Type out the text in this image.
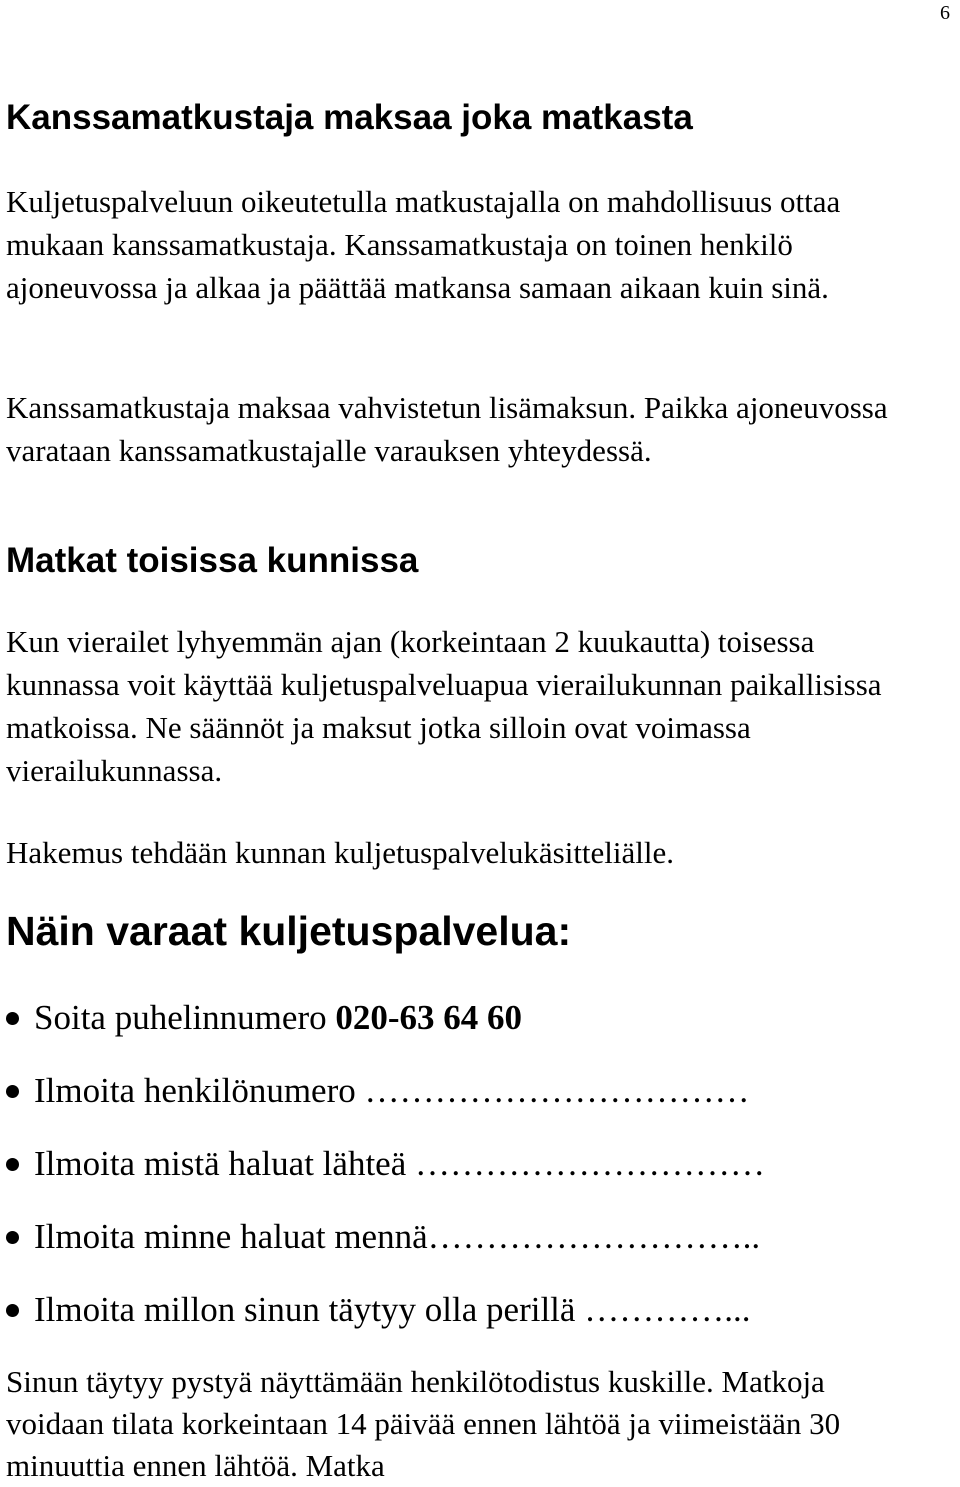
6
Kanssamatkustaja maksaa joka matkasta

Kuljetuspalveluun oikeutetulla matkustajalla on mahdollisuus ottaa mukaan kanssamatkustaja. Kanssamatkustaja on toinen henkilö ajoneuvossa ja alkaa ja päättää matkansa samaan aikaan kuin sinä.

Kanssamatkustaja maksaa vahvistetun lisämaksun. Paikka ajoneuvossa varataan kanssamatkustajalle varauksen yhteydessä.

Matkat toisissa kunnissa

Kun vierailet lyhyemmän ajan (korkeintaan 2 kuukautta) toisessa kunnassa voit käyttää kuljetuspalveluapua vierailukunnan paikallisissa matkoissa. Ne säännöt ja maksut jotka silloin ovat voimassa vierailukunnassa.

Hakemus tehdään kunnan kuljetuspalvelukäsitteliälle.

Näin varaat kuljetuspalvelua:
Soita puhelinnumero 020-63 64 60
Ilmoita henkilönumero ……………………………
Ilmoita mistä haluat lähteä …………………………
Ilmoita minne haluat mennä………………………..
Ilmoita millon sinun täytyy olla perillä …………...

Sinun täytyy pystyä näyttämään henkilötodistus kuskille. Matkoja voidaan tilata korkeintaan 14 päivää ennen lähtöä ja viimeistään 30 minuuttia ennen lähtöä. Matka
